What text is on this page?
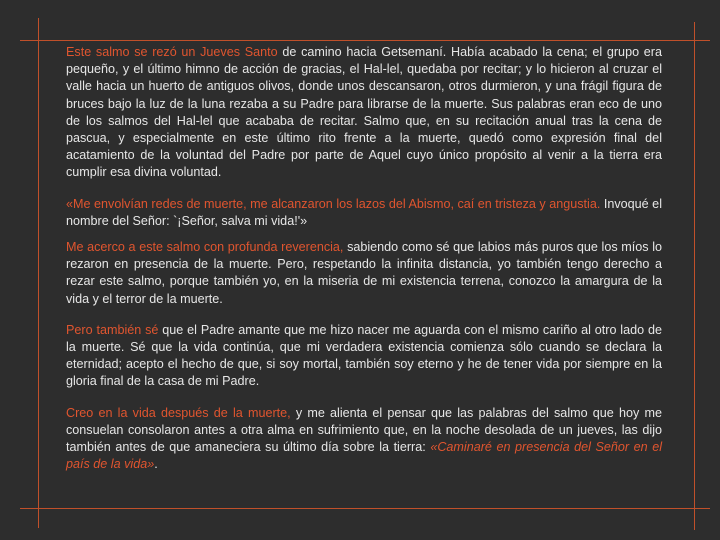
Este salmo se rezó un Jueves Santo de camino hacia Getsemaní. Había acabado la cena; el grupo era pequeño, y el último himno de acción de gracias, el Hal-lel, quedaba por recitar; y lo hicieron al cruzar el valle hacia un huerto de antiguos olivos, donde unos descansaron, otros durmieron, y una frágil figura de bruces bajo la luz de la luna rezaba a su Padre para librarse de la muerte. Sus palabras eran eco de uno de los salmos del Hal-lel que acababa de recitar. Salmo que, en su recitación anual tras la cena de pascua, y especialmente en este último rito frente a la muerte, quedó como expresión final del acatamiento de la voluntad del Padre por parte de Aquel cuyo único propósito al venir a la tierra era cumplir esa divina voluntad.

«Me envolvían redes de muerte, me alcanzaron los lazos del Abismo, caí en tristeza y angustia. Invoqué el nombre del Señor: `¡Señor, salva mi vida!'»

Me acerco a este salmo con profunda reverencia, sabiendo como sé que labios más puros que los míos lo rezaron en presencia de la muerte. Pero, respetando la infinita distancia, yo también tengo derecho a rezar este salmo, porque también yo, en la miseria de mi existencia terrena, conozco la amargura de la vida y el terror de la muerte.

Pero también sé que el Padre amante que me hizo nacer me aguarda con el mismo cariño al otro lado de la muerte. Sé que la vida continúa, que mi verdadera existencia comienza sólo cuando se declara la eternidad; acepto el hecho de que, si soy mortal, también soy eterno y he de tener vida por siempre en la gloria final de la casa de mi Padre.

Creo en la vida después de la muerte, y me alienta el pensar que las palabras del salmo que hoy me consuelan consolaron antes a otra alma en sufrimiento que, en la noche desolada de un jueves, las dijo también antes de que amaneciera su último día sobre la tierra: «Caminaré en presencia del Señor en el país de la vida».
